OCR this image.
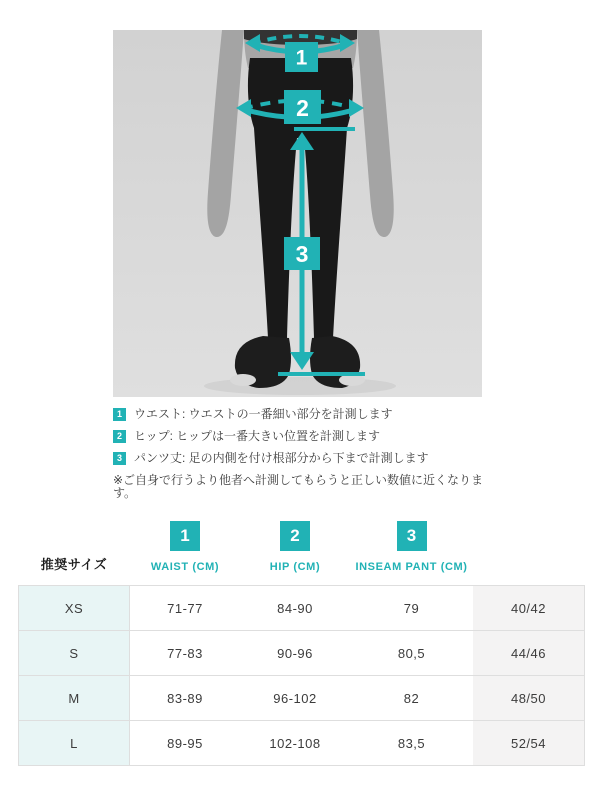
1
2
3
1	ウエスト: ウエストの一番細い部分を計測します
2	ヒップ: ヒップは一番大きい位置を計測します
3	パンツ丈: 足の内側を付け根部分から下まで計測します
※ご自身で行うより他者へ計測してもらうと正しい数値に近くなります。
推奨サイズ
1
WAIST (CM)
2
HIP (CM)
3
INSEAM PANT (CM)
XS	71-77	84-90	79	40/42
S	77-83	90-96	80,5	44/46
M	83-89	96-102	82	48/50
L	89-95	102-108	83,5	52/54
